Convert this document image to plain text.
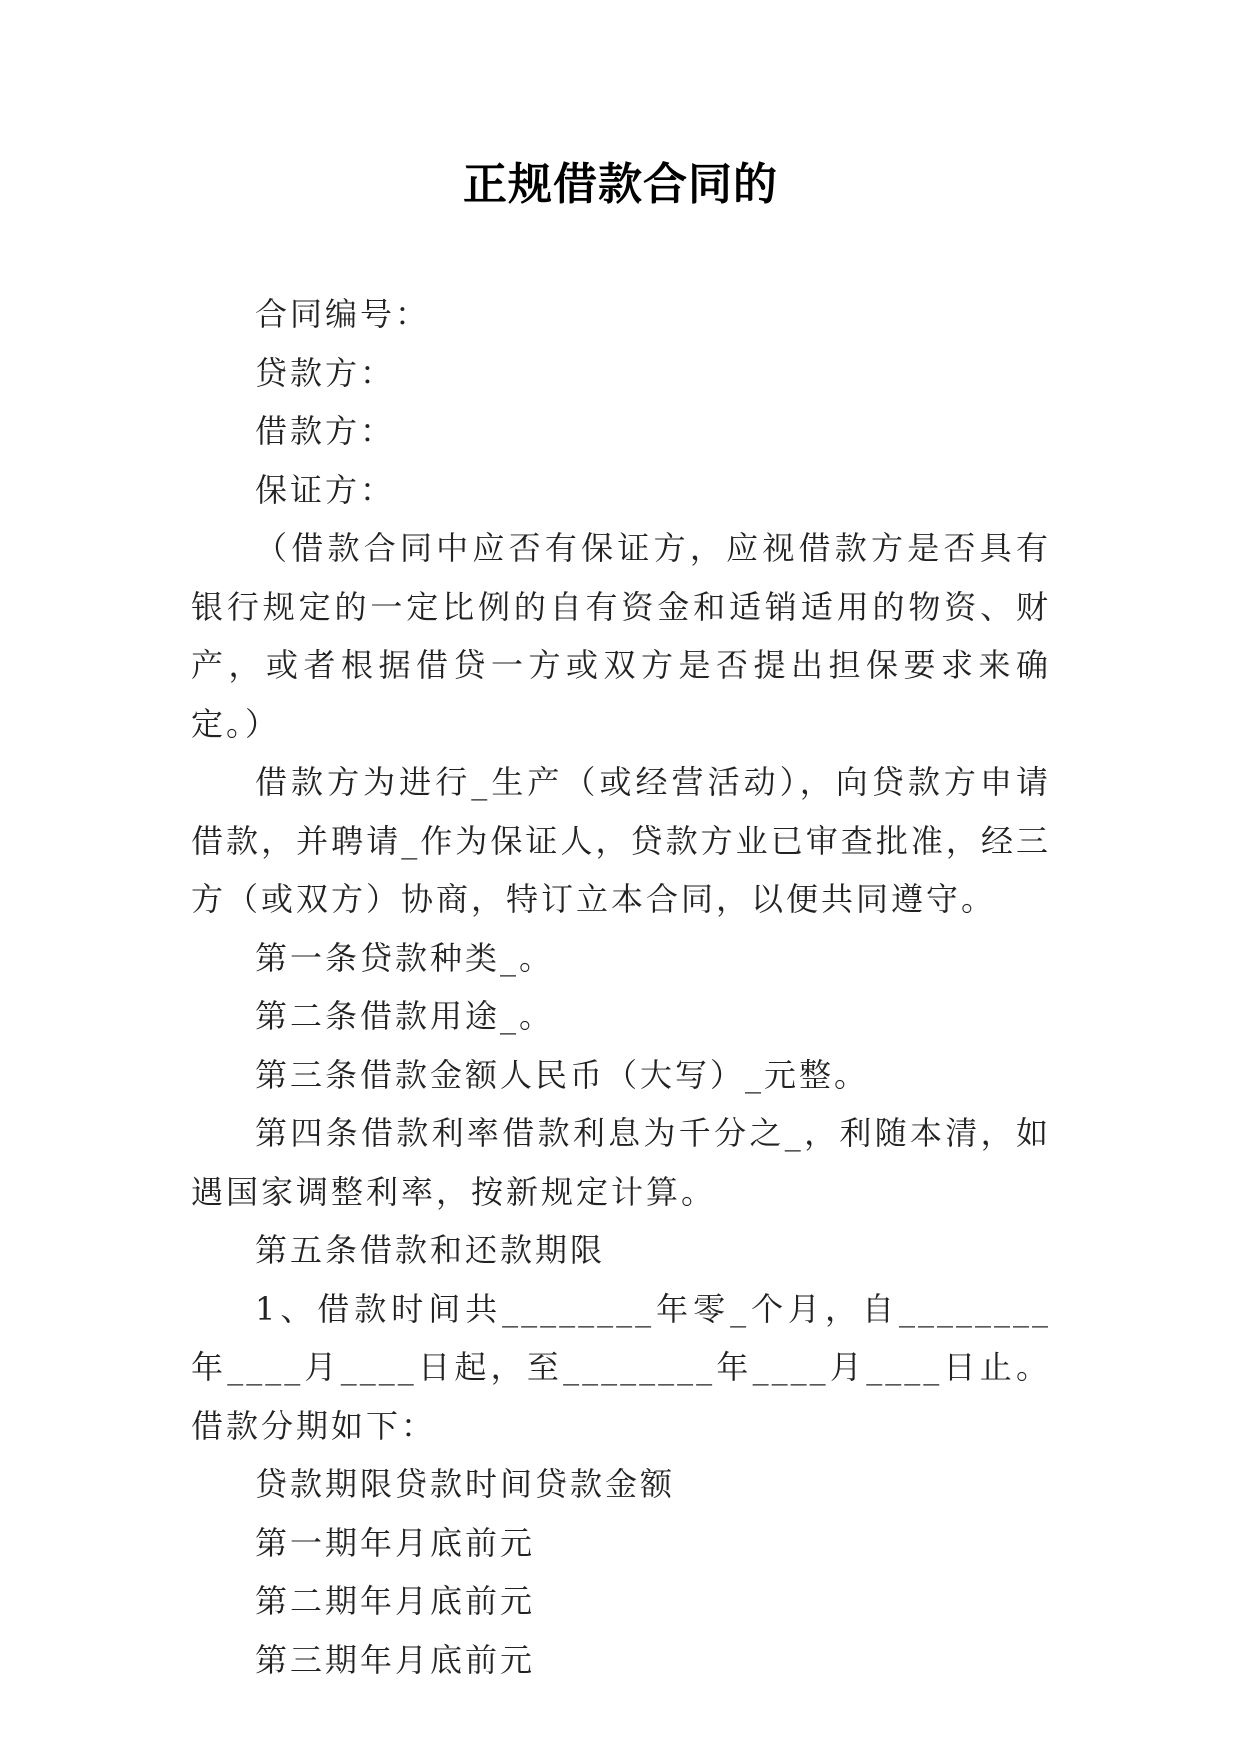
正规借款合同的

合同编号：

贷款方：

借款方：

保证方：

（借款合同中应否有保证方，应视借款方是否具有银行规定的一定比例的自有资金和适销适用的物资、财产，或者根据借贷一方或双方是否提出担保要求来确定。）

借款方为进行_生产（或经营活动），向贷款方申请借款，并聘请_作为保证人，贷款方业已审查批准，经三方（或双方）协商，特订立本合同，以便共同遵守。

第一条贷款种类_。

第二条借款用途_。

第三条借款金额人民币（大写）_元整。

第四条借款利率借款利息为千分之_，利随本清，如遇国家调整利率，按新规定计算。

第五条借款和还款期限

1、借款时间共________年零_个月，自________年____月____日起，至________年____月____日止。借款分期如下：

贷款期限贷款时间贷款金额

第一期年月底前元

第二期年月底前元

第三期年月底前元
